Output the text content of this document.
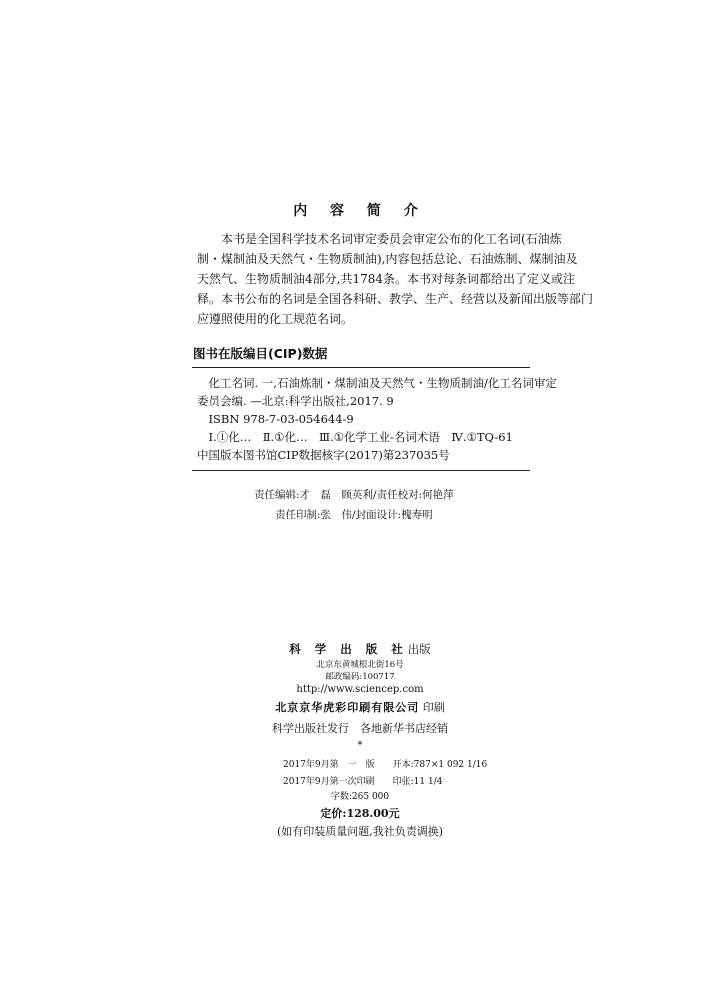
内 容 简 介
　　本书是全国科学技术名词审定委员会审定公布的化工名词(石油炼
制・煤制油及天然气・生物质制油),内容包括总论、石油炼制、煤制油及
天然气、生物质制油4部分,共1784条。本书对每条词都给出了定义或注
释。本书公布的名词是全国各科研、教学、生产、经营以及新闻出版等部门
应遵照使用的化工规范名词。
图书在版编目(CIP)数据
　化工名词. 一,石油炼制・煤制油及天然气・生物质制油/化工名词审定
委员会编. —北京:科学出版社,2017. 9
　ISBN 978-7-03-054644-9
　Ⅰ.①化…　Ⅱ.①化…　Ⅲ.①化学工业-名词术语　Ⅳ.①TQ-61
中国版本图书馆CIP数据核字(2017)第237035号
责任编辑:才　磊　顾英利/责任校对:何艳萍
责任印制:张　伟/封面设计:槐寿明
科 学 出 版 社出版
北京东黄城根北街16号
邮政编码:100717
http://www.sciencep.com
北京京华虎彩印刷有限公司 印刷
科学出版社发行　各地新华书店经销
*
2017年9月第　一　版　　开本:787×1 092 1/16
2017年9月第一次印刷　　印张:11 1/4
字数:265 000
定价:128.00元
(如有印装质量问题,我社负责调换)
